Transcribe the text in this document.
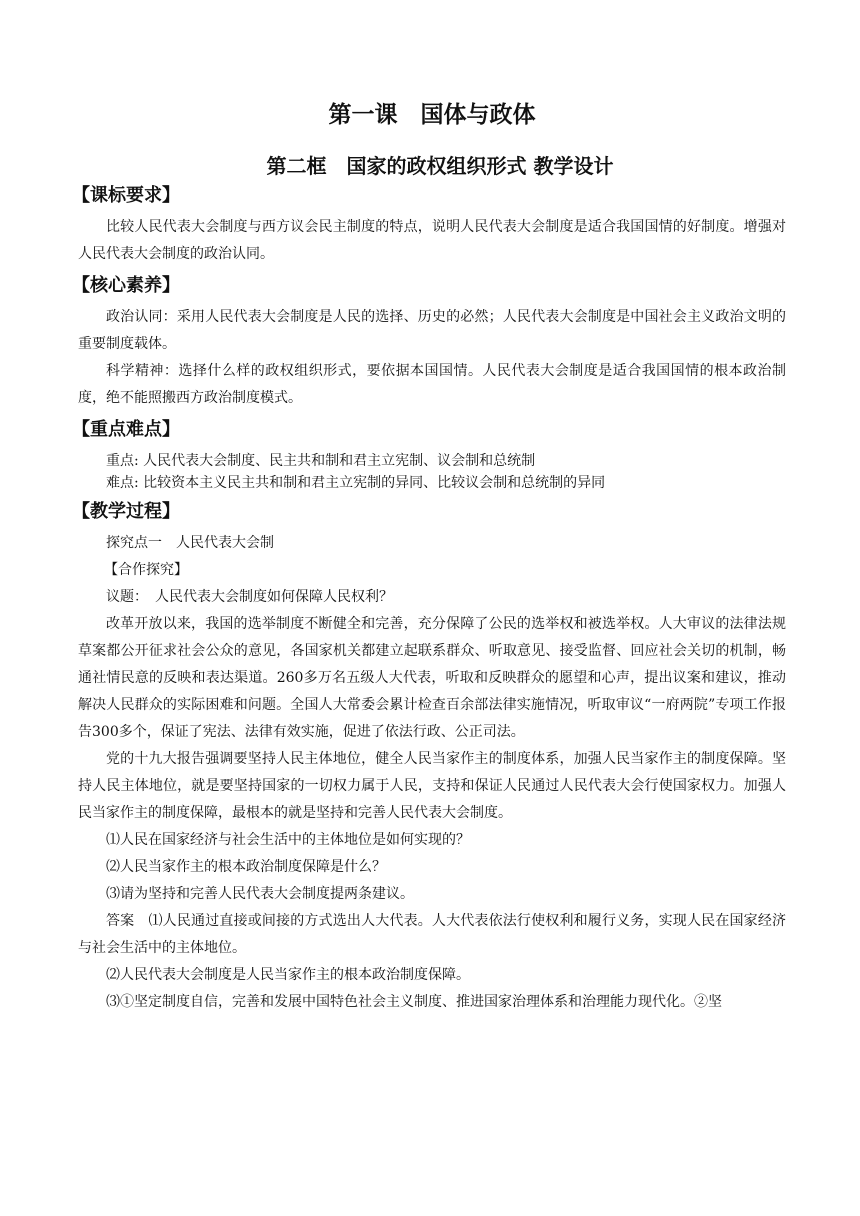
第一课　国体与政体
第二框　国家的政权组织形式 教学设计
【课标要求】

比较人民代表大会制度与西方议会民主制度的特点，说明人民代表大会制度是适合我国国情的好制度。增强对人民代表大会制度的政治认同。

【核心素养】

政治认同：采用人民代表大会制度是人民的选择、历史的必然；人民代表大会制度是中国社会主义政治文明的重要制度载体。

科学精神：选择什么样的政权组织形式，要依据本国国情。人民代表大会制度是适合我国国情的根本政治制度，绝不能照搬西方政治制度模式。

【重点难点】

重点: 人民代表大会制度、民主共和制和君主立宪制、议会制和总统制

难点: 比较资本主义民主共和制和君主立宪制的异同、比较议会制和总统制的异同

【教学过程】

探究点一　人民代表大会制

【合作探究】

议题：　人民代表大会制度如何保障人民权利？

改革开放以来，我国的选举制度不断健全和完善，充分保障了公民的选举权和被选举权。人大审议的法律法规草案都公开征求社会公众的意见，各国家机关都建立起联系群众、听取意见、接受监督、回应社会关切的机制，畅通社情民意的反映和表达渠道。260多万名五级人大代表，听取和反映群众的愿望和心声，提出议案和建议，推动解决人民群众的实际困难和问题。全国人大常委会累计检查百余部法律实施情况，听取审议“一府两院”专项工作报告300多个，保证了宪法、法律有效实施，促进了依法行政、公正司法。

党的十九大报告强调要坚持人民主体地位，健全人民当家作主的制度体系，加强人民当家作主的制度保障。坚持人民主体地位，就是要坚持国家的一切权力属于人民，支持和保证人民通过人民代表大会行使国家权力。加强人民当家作主的制度保障，最根本的就是坚持和完善人民代表大会制度。

⑴人民在国家经济与社会生活中的主体地位是如何实现的？

⑵人民当家作主的根本政治制度保障是什么？

⑶请为坚持和完善人民代表大会制度提两条建议。

答案　⑴人民通过直接或间接的方式选出人大代表。人大代表依法行使权利和履行义务，实现人民在国家经济与社会生活中的主体地位。

⑵人民代表大会制度是人民当家作主的根本政治制度保障。

⑶①坚定制度自信，完善和发展中国特色社会主义制度、推进国家治理体系和治理能力现代化。②坚
